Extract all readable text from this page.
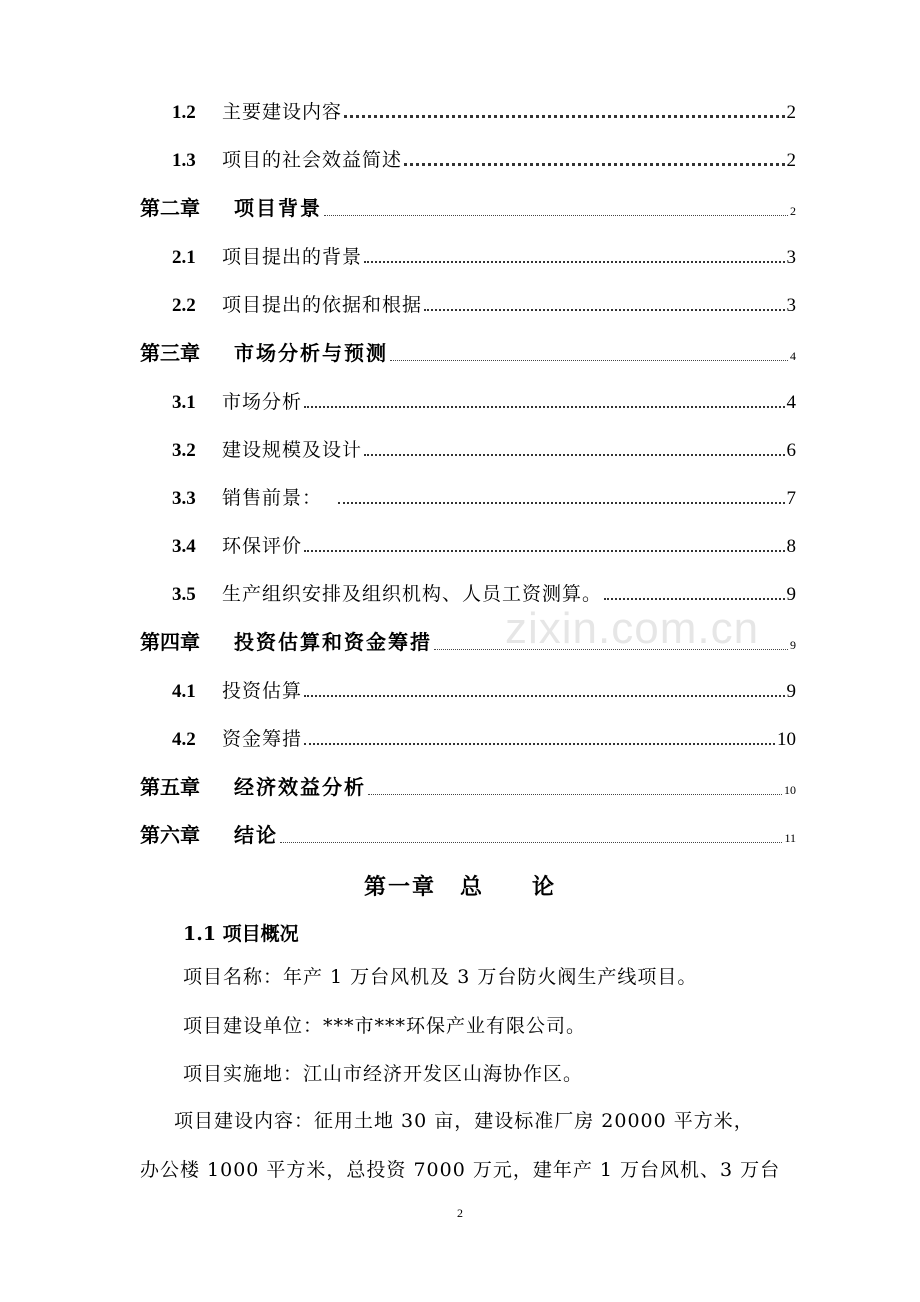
1.2	主要建设内容	2
1.3	项目的社会效益简述	2
第二章	项目背景	2
2.1	项目提出的背景	3
2.2	项目提出的依据和根据	3
第三章	市场分析与预测	4
3.1	市场分析	4
3.2	建设规模及设计	6
3.3	销售前景：	7
3.4	环保评价	8
3.5	生产组织安排及组织机构、人员工资测算。	9
第四章	投资估算和资金筹措	9
4.1	投资估算	9
4.2	资金筹措	10
第五章	经济效益分析	10
第六章	结论	11
zixin.com.cn
第一章　总　　论
1.1 项目概况
项目名称：年产 1 万台风机及 3 万台防火阀生产线项目。
项目建设单位：***市***环保产业有限公司。
项目实施地：江山市经济开发区山海协作区。
项目建设内容：征用土地 30 亩，建设标准厂房 20000 平方米，
办公楼 1000 平方米，总投资 7000 万元，建年产 1 万台风机、3 万台
2
